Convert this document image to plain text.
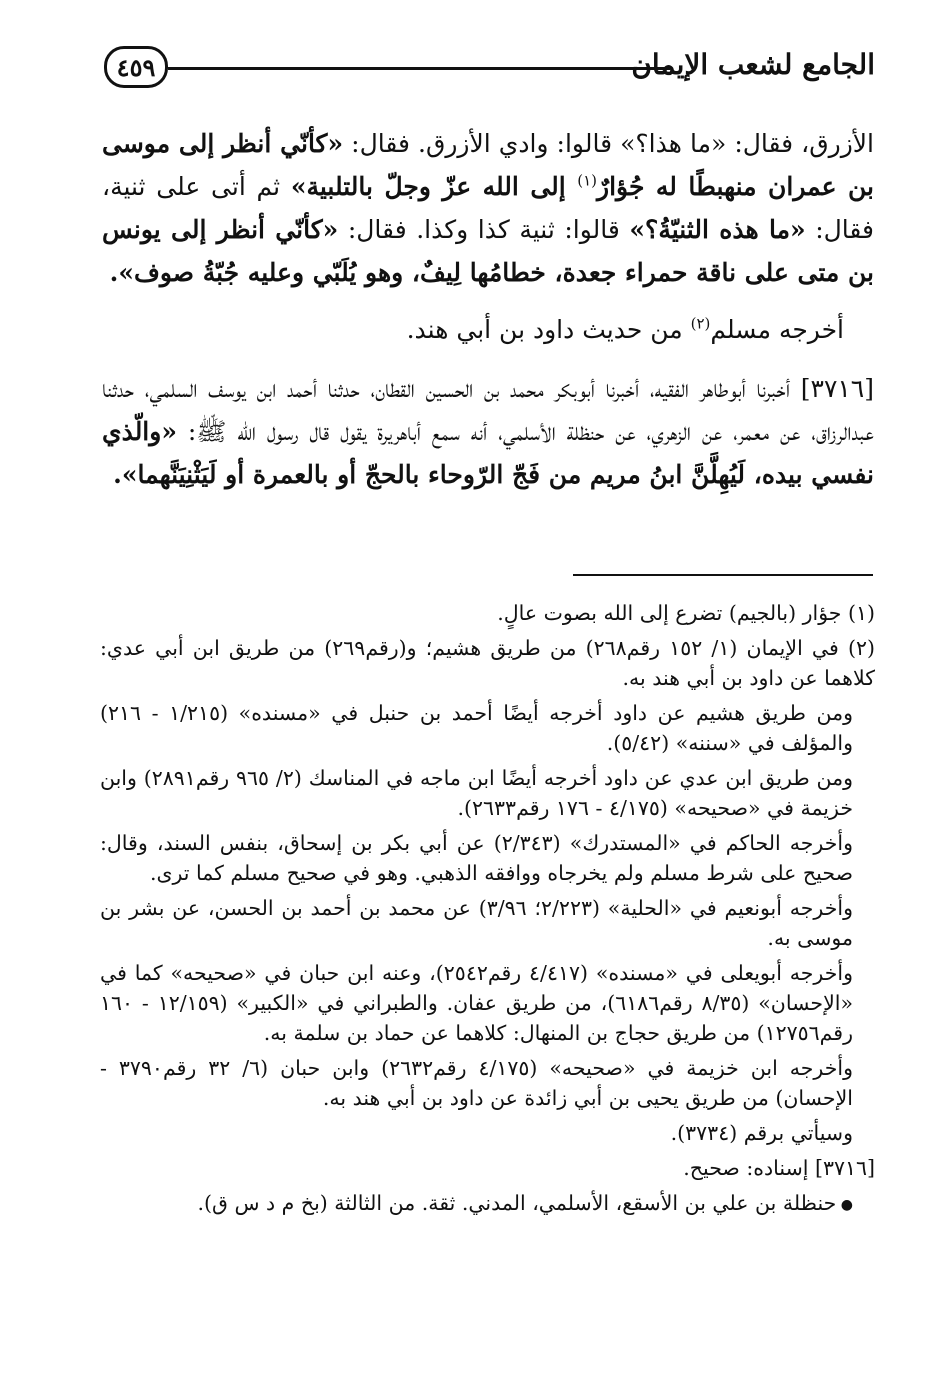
٤٥٩	الجامع لشعب الإيمان

الأزرق، فقال: «ما هذا؟» قالوا: وادي الأزرق. فقال: «كأنّي أنظر إلى موسى بن عمران منهبطًا له جُؤارٌ$^{(١)}$ إلى الله عزّ وجلّ بالتلبية» ثم أتى على ثنية، فقال: «ما هذه الثنيّةُ؟» قالوا: ثنية كذا وكذا. فقال: «كأنّي أنظر إلى يونس بن متى على ناقة حمراء جعدة، خطامُها لِيفٌ، وهو يُلَبّي وعليه جُبّةُ صوف».

أخرجه مسلم$^{(٢)}$ من حديث داود بن أبي هند.

[٣٧١٦] أخبرنا أبوطاهر الفقيه، أخبرنا أبوبكر محمد بن الحسين القطان، حدثنا أحمد ابن يوسف السلمي، حدثنا عبدالرزاق، عن معمر، عن الزهري، عن حنظلة الأسلمي، أنه سمع أباهريرة يقول قال رسول الله ﷺ: «والّذي نفسي بيده، لَيُهِلَّنَّ ابنُ مريم من فَجّ الرّوحاء بالحجّ أو بالعمرة أو لَيَثْنِيَنَّهما».

(١) جؤار (بالجيم) تضرع إلى الله بصوت عالٍ.

(٢) في الإيمان (١/ ١٥٢ رقم٢٦٨) من طريق هشيم؛ و(رقم٢٦٩) من طريق ابن أبي عدي: كلاهما عن داود بن أبي هند به.

ومن طريق هشيم عن داود أخرجه أيضًا أحمد بن حنبل في «مسنده» (١/٢١٥ - ٢١٦) والمؤلف في «سننه» (٥/٤٢).

ومن طريق ابن عدي عن داود أخرجه أيضًا ابن ماجه في المناسك (٢/ ٩٦٥ رقم٢٨٩١) وابن خزيمة في «صحيحه» (٤/١٧٥ - ١٧٦ رقم٢٦٣٣).

وأخرجه الحاكم في «المستدرك» (٢/٣٤٣) عن أبي بكر بن إسحاق، بنفس السند، وقال: صحيح على شرط مسلم ولم يخرجاه ووافقه الذهبي. وهو في صحيح مسلم كما ترى.

وأخرجه أبونعيم في «الحلية» (٢/٢٢٣؛ ٣/٩٦) عن محمد بن أحمد بن الحسن، عن بشر بن موسى به.

وأخرجه أبويعلى في «مسنده» (٤/٤١٧ رقم٢٥٤٢)، وعنه ابن حبان في «صحيحه» كما في «الإحسان» (٨/٣٥ رقم٦١٨٦)، من طريق عفان. والطبراني في «الكبير» (١٢/١٥٩ - ١٦٠ رقم١٢٧٥٦) من طريق حجاج بن المنهال: كلاهما عن حماد بن سلمة به.

وأخرجه ابن خزيمة في «صحيحه» (٤/١٧٥ رقم٢٦٣٢) وابن حبان (٦/ ٣٢ رقم٣٧٩٠ - الإحسان) من طريق يحيى بن أبي زائدة عن داود بن أبي هند به.

وسيأتي برقم (٣٧٣٤).

[٣٧١٦] إسناده: صحيح.

● حنظلة بن علي بن الأسقع، الأسلمي، المدني. ثقة. من الثالثة (بخ م د س ق).
